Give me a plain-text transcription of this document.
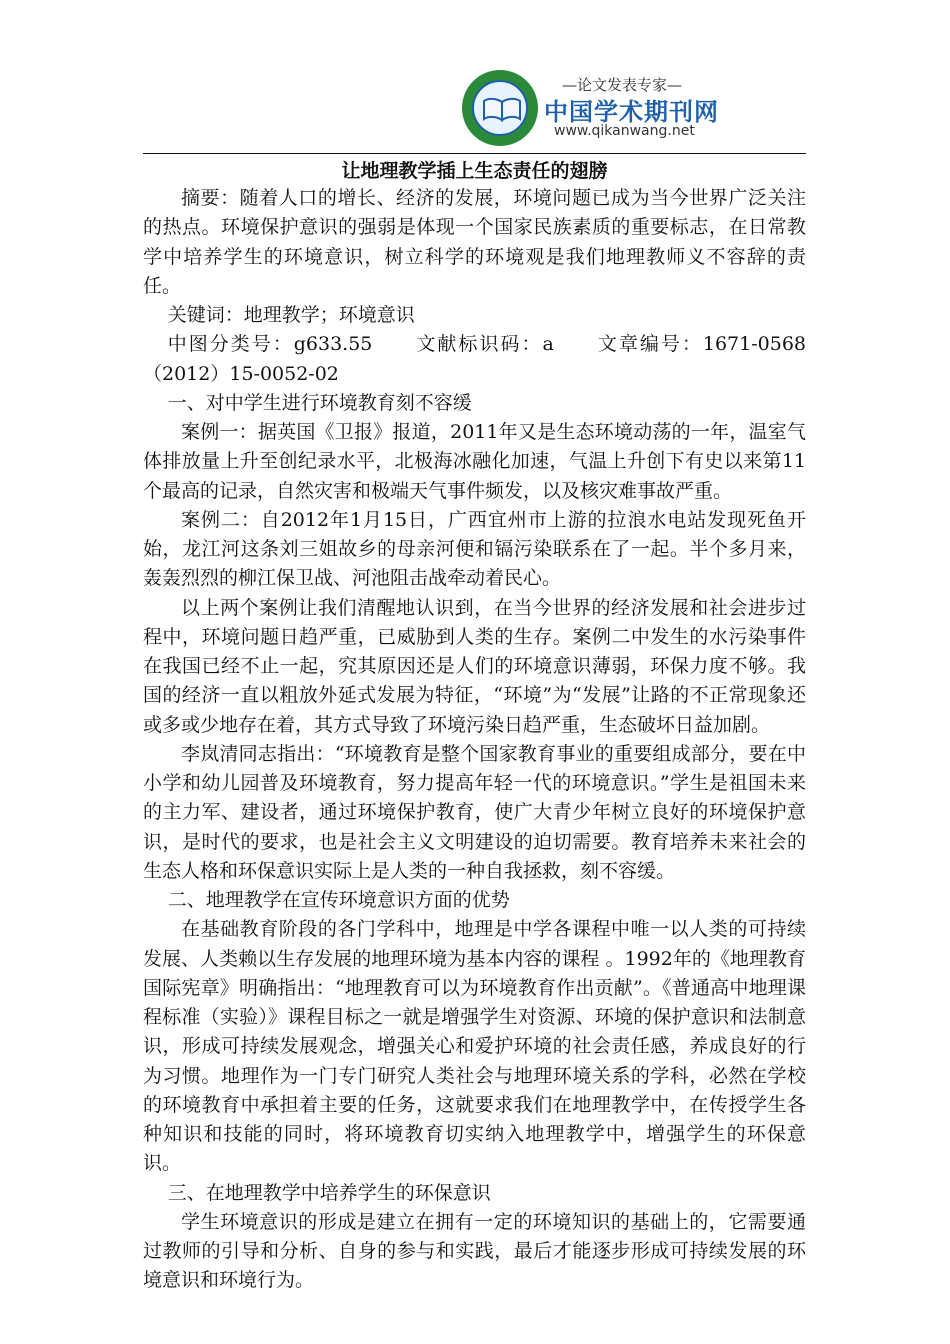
—论文发表专家—
中国学术期刊网
www.qikanwang.net
让地理教学插上生态责任的翅膀

摘要：随着人口的增长、经济的发展，环境问题已成为当今世界广泛关注的热点。环境保护意识的强弱是体现一个国家民族素质的重要标志，在日常教学中培养学生的环境意识，树立科学的环境观是我们地理教师义不容辞的责任。

关键词：地理教学；环境意识

中图分类号：g633.55　　文献标识码：a　　文章编号：1671-0568（2012）15-0052-02

一、对中学生进行环境教育刻不容缓

案例一：据英国《卫报》报道，2011年又是生态环境动荡的一年，温室气体排放量上升至创纪录水平，北极海冰融化加速，气温上升创下有史以来第11个最高的记录，自然灾害和极端天气事件频发，以及核灾难事故严重。

案例二：自2012年1月15日，广西宜州市上游的拉浪水电站发现死鱼开始，龙江河这条刘三姐故乡的母亲河便和镉污染联系在了一起。半个多月来，轰轰烈烈的柳江保卫战、河池阻击战牵动着民心。

以上两个案例让我们清醒地认识到，在当今世界的经济发展和社会进步过程中，环境问题日趋严重，已威胁到人类的生存。案例二中发生的水污染事件在我国已经不止一起，究其原因还是人们的环境意识薄弱，环保力度不够。我国的经济一直以粗放外延式发展为特征，“环境”为“发展”让路的不正常现象还或多或少地存在着，其方式导致了环境污染日趋严重，生态破坏日益加剧。

李岚清同志指出：“环境教育是整个国家教育事业的重要组成部分，要在中小学和幼儿园普及环境教育，努力提高年轻一代的环境意识。”学生是祖国未来的主力军、建设者，通过环境保护教育，使广大青少年树立良好的环境保护意识，是时代的要求，也是社会主义文明建设的迫切需要。教育培养未来社会的生态人格和环保意识实际上是人类的一种自我拯救，刻不容缓。

二、地理教学在宣传环境意识方面的优势

在基础教育阶段的各门学科中，地理是中学各课程中唯一以人类的可持续发展、人类赖以生存发展的地理环境为基本内容的课程 。1992年的《地理教育国际宪章》明确指出：“地理教育可以为环境教育作出贡献”。《普通高中地理课程标准（实验）》课程目标之一就是增强学生对资源、环境的保护意识和法制意识，形成可持续发展观念，增强关心和爱护环境的社会责任感，养成良好的行为习惯。地理作为一门专门研究人类社会与地理环境关系的学科，必然在学校的环境教育中承担着主要的任务，这就要求我们在地理教学中，在传授学生各种知识和技能的同时，将环境教育切实纳入地理教学中，增强学生的环保意识。

三、在地理教学中培养学生的环保意识

学生环境意识的形成是建立在拥有一定的环境知识的基础上的，它需要通过教师的引导和分析、自身的参与和实践，最后才能逐步形成可持续发展的环境意识和环境行为。
